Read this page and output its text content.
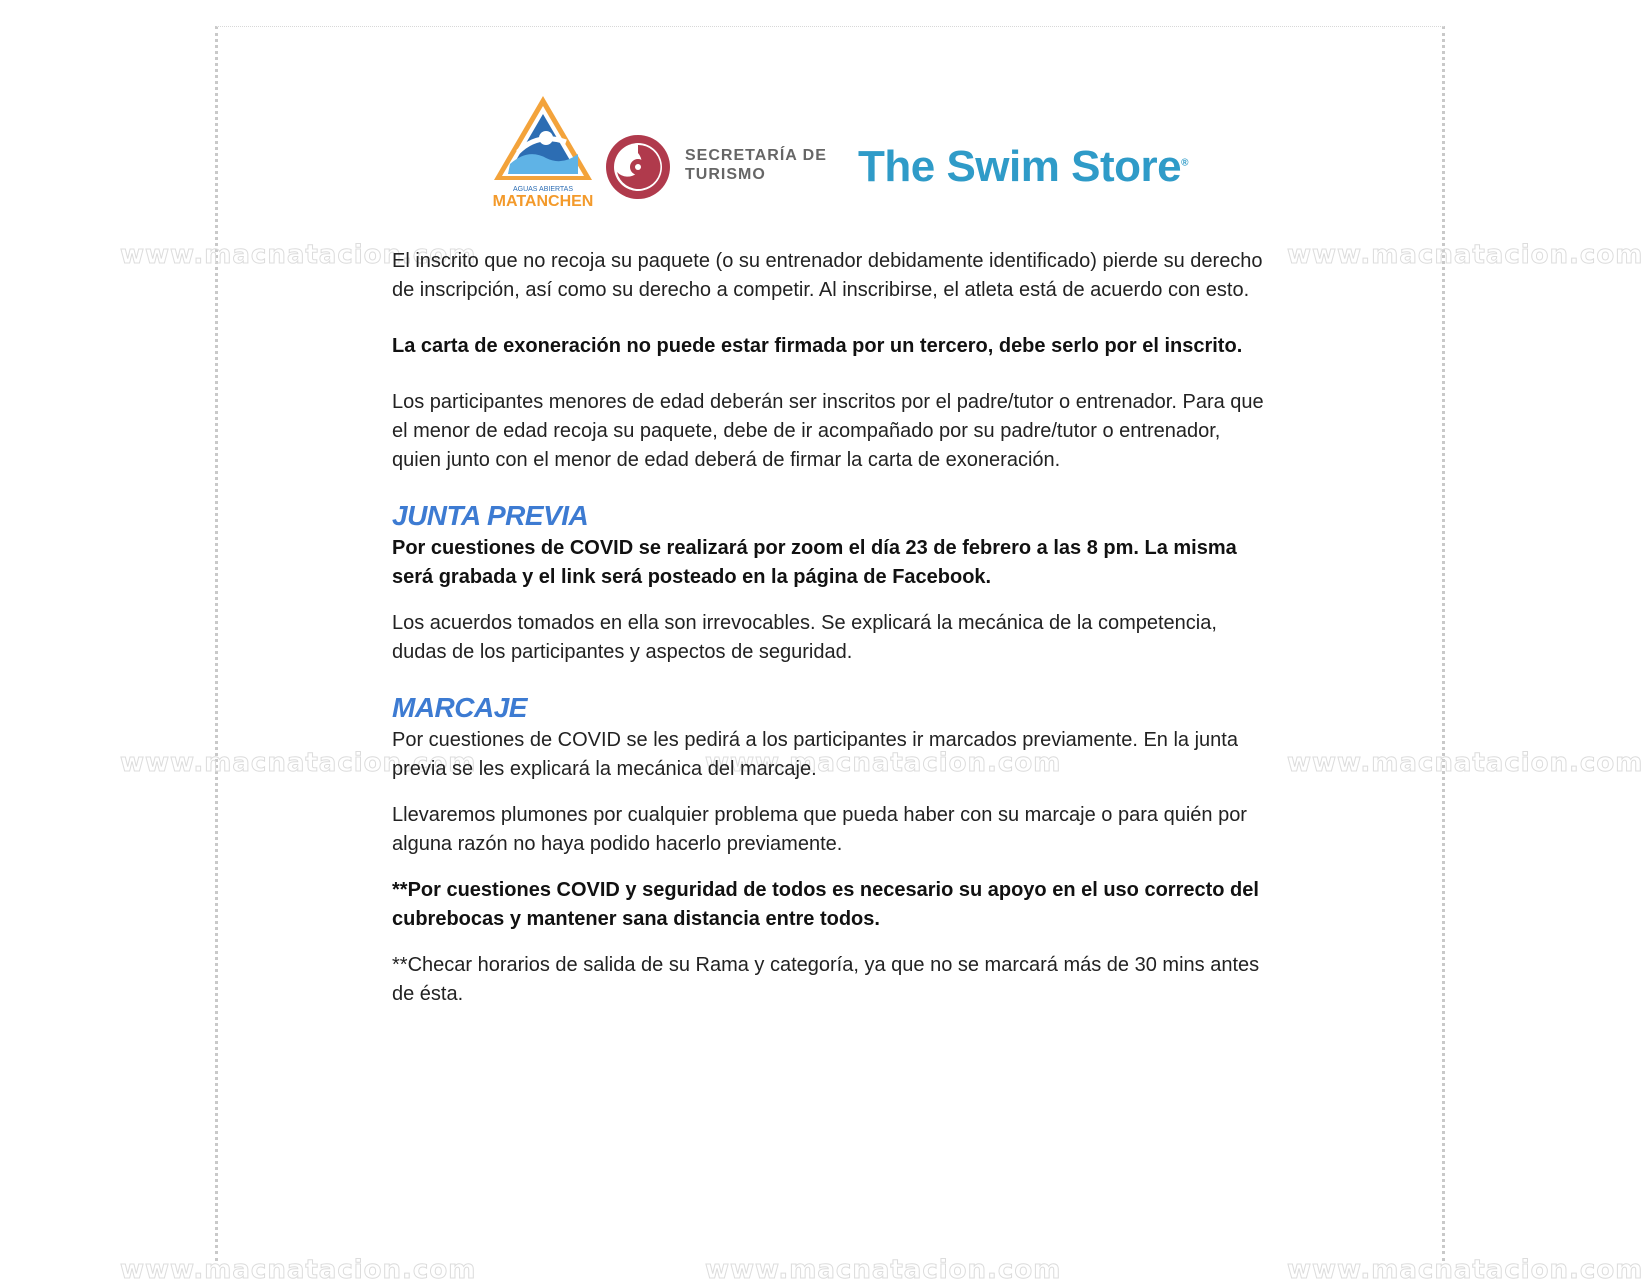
www.macnatacion.com	www.macnatacion.com
www.macnatacion.com	www.macnatacion.com	www.macnatacion.com
www.macnatacion.com	www.macnatacion.com	www.macnatacion.com
AGUAS ABIERTAS
MATANCHEN
SECRETARÍA DE
TURISMO	The Swim Store®

El inscrito que no recoja su paquete (o su entrenador debidamente identificado) pierde su derecho de inscripción, así como su derecho a competir. Al inscribirse, el atleta está de acuerdo con esto.

La carta de exoneración no puede estar firmada por un tercero, debe serlo por el inscrito.

Los participantes menores de edad deberán ser inscritos por el padre/tutor o entrenador. Para que el menor de edad recoja su paquete, debe de ir acompañado por su padre/tutor o entrenador, quien junto con el menor de edad deberá de firmar la carta de exoneración.

JUNTA PREVIA

Por cuestiones de COVID se realizará por zoom el día 23 de febrero a las 8 pm. La misma será grabada y el link será posteado en la página de Facebook.

Los acuerdos tomados en ella son irrevocables. Se explicará la mecánica de la competencia, dudas de los participantes y aspectos de seguridad.

MARCAJE

Por cuestiones de COVID se les pedirá a los participantes ir marcados previamente. En la junta previa se les explicará la mecánica del marcaje.

Llevaremos plumones por cualquier problema que pueda haber con su marcaje o para quién por alguna razón no haya podido hacerlo previamente.

**Por cuestiones COVID y seguridad de todos es necesario su apoyo en el uso correcto del cubrebocas y mantener sana distancia entre todos.

**Checar horarios de salida de su Rama y categoría, ya que no se marcará más de 30 mins antes de ésta.
